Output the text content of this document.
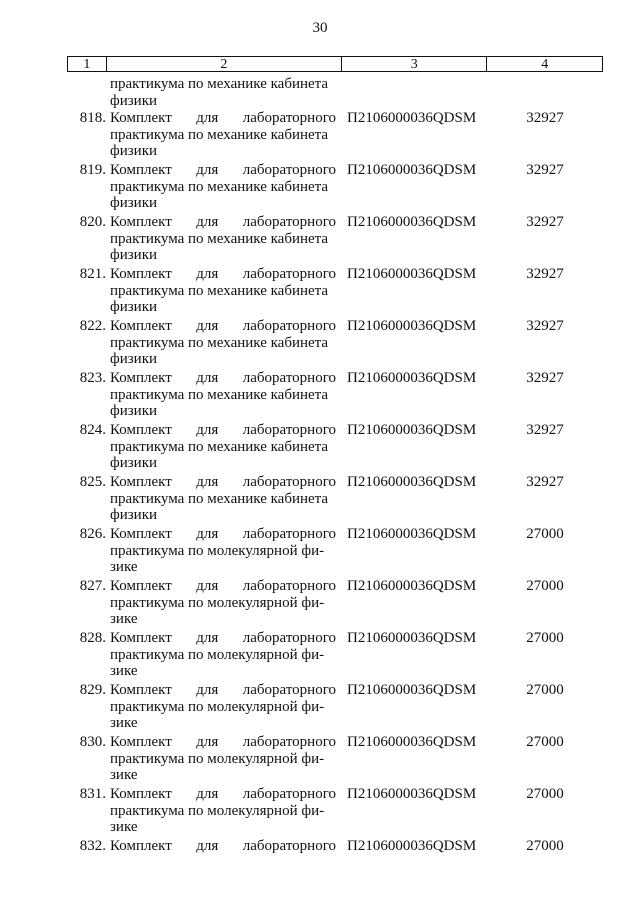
30
1	2	3	4
практикума по механике кабинета
физики
818. Комплект для лабораторного
практикума по механике кабинета
физики
П2106000036QDSM	32927
819. Комплект для лабораторного
практикума по механике кабинета
физики
П2106000036QDSM	32927
820. Комплект для лабораторного
практикума по механике кабинета
физики
П2106000036QDSM	32927
821. Комплект для лабораторного
практикума по механике кабинета
физики
П2106000036QDSM	32927
822. Комплект для лабораторного
практикума по механике кабинета
физики
П2106000036QDSM	32927
823. Комплект для лабораторного
практикума по механике кабинета
физики
П2106000036QDSM	32927
824. Комплект для лабораторного
практикума по механике кабинета
физики
П2106000036QDSM	32927
825. Комплект для лабораторного
практикума по механике кабинета
физики
П2106000036QDSM	32927
826. Комплект для лабораторного
практикума по молекулярной фи-
зике
П2106000036QDSM	27000
827. Комплект для лабораторного
практикума по молекулярной фи-
зике
П2106000036QDSM	27000
828. Комплект для лабораторного
практикума по молекулярной фи-
зике
П2106000036QDSM	27000
829. Комплект для лабораторного
практикума по молекулярной фи-
зике
П2106000036QDSM	27000
830. Комплект для лабораторного
практикума по молекулярной фи-
зике
П2106000036QDSM	27000
831. Комплект для лабораторного
практикума по молекулярной фи-
зике
П2106000036QDSM	27000
832. Комплект для лабораторного П2106000036QDSM	27000
